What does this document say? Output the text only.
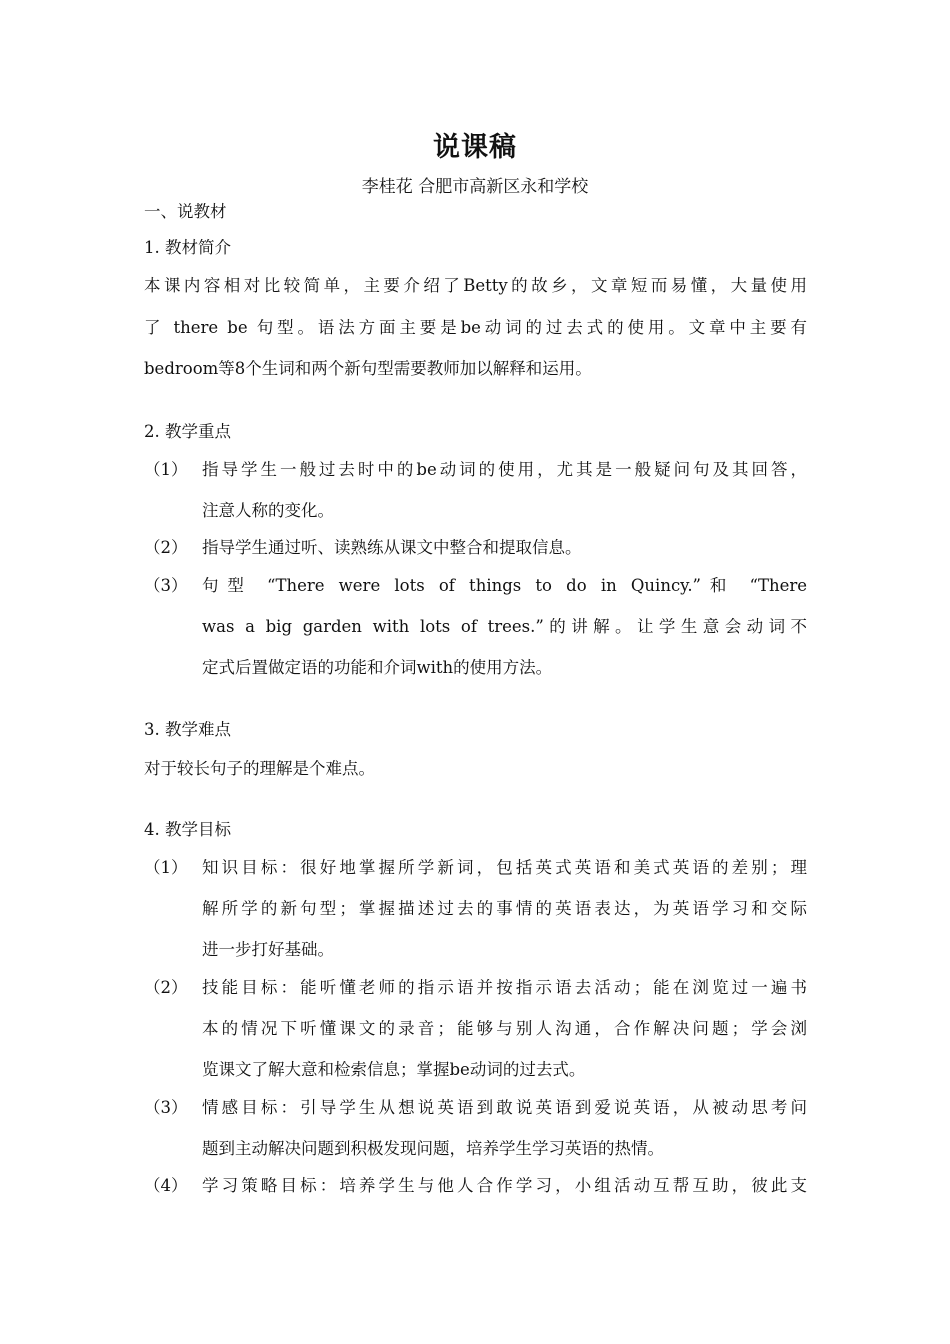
说课稿
李桂花 合肥市高新区永和学校
一、说教材
1. 教材简介
本课内容相对比较简单，主要介绍了Betty的故乡，文章短而易懂，大量使用
了 there be 句型。语法方面主要是be动词的过去式的使用。文章中主要有
bedroom等8个生词和两个新句型需要教师加以解释和运用。
2. 教学重点
（1） 指导学生一般过去时中的be动词的使用，尤其是一般疑问句及其回答，
注意人称的变化。
（2） 指导学生通过听、读熟练从课文中整合和提取信息。
（3） 句型 “There were lots of things to do in Quincy.”和 “There
was a big garden with lots of trees.”的讲解。让学生意会动词不
定式后置做定语的功能和介词with的使用方法。
3. 教学难点
对于较长句子的理解是个难点。
4. 教学目标
（1） 知识目标：很好地掌握所学新词，包括英式英语和美式英语的差别；理
解所学的新句型；掌握描述过去的事情的英语表达，为英语学习和交际
进一步打好基础。
（2） 技能目标：能听懂老师的指示语并按指示语去活动；能在浏览过一遍书
本的情况下听懂课文的录音；能够与别人沟通，合作解决问题；学会浏
览课文了解大意和检索信息；掌握be动词的过去式。
（3） 情感目标：引导学生从想说英语到敢说英语到爱说英语，从被动思考问
题到主动解决问题到积极发现问题，培养学生学习英语的热情。
（4） 学习策略目标：培养学生与他人合作学习，小组活动互帮互助，彼此支
